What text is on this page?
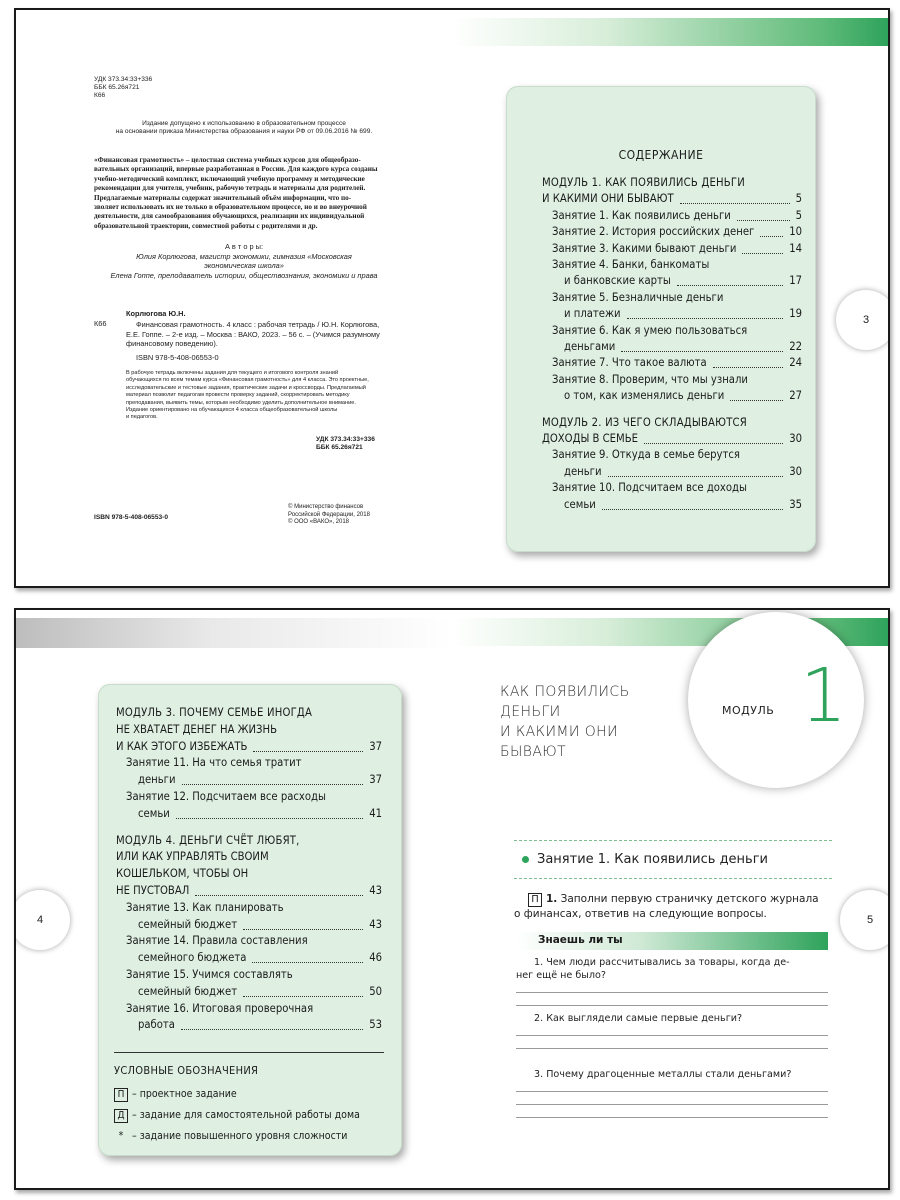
УДК 373.34:33+336
ББК 65.26я721
К66
Издание допущено к использованию в образовательном процессе
на основании приказа Министерства образования и науки РФ от 09.06.2016 № 699.
«Финансовая грамотность» – целостная система учебных курсов для общеобразо-
вательных организаций, впервые разработанная в России. Для каждого курса созданы
учебно-методический комплект, включающий учебную программу и методические
рекомендации для учителя, учебник, рабочую тетрадь и материалы для родителей.
Предлагаемые материалы содержат значительный объём информации, что по-
зволяет использовать их не только в образовательном процессе, но и во внеурочной
деятельности, для самообразования обучающихся, реализации их индивидуальной
образовательной траектории, совместной работы с родителями и др.
А в т о р ы:
Юлия Корлюгова, магистр экономики, гимназия «Московская
экономическая школа»
Елена Гоппе, преподаватель истории, обществознания, экономики и права
Корлюгова Ю.Н.
К66	Финансовая грамотность. 4 класс : рабочая тетрадь / Ю.Н. Корлюгова,
Е.Е. Гоппе. – 2-е изд. – Москва : ВАКО, 2023. – 56 с. – (Учимся разумному
финансовому поведению).
ISBN 978-5-408-06553-0
В рабочую тетрадь включены задания для текущего и итогового контроля знаний
обучающихся по всем темам курса «Финансовая грамотность» для 4 класса. Это проектные,
исследовательские и тестовые задания, практические задачи и кроссворды. Предлагаемый
материал позволит педагогам провести проверку заданий, скорректировать методику
преподавания, выявить темы, которым необходимо уделить дополнительное внимание.
Издание ориентировано на обучающихся 4 класса общеобразовательной школы
и педагогов.
УДК 373.34:33+336
ББК 65.26я721
ISBN 978-5-408-06553-0
© Министерство финансов
Российской Федерации, 2018
© ООО «ВАКО», 2018
СОДЕРЖАНИЕ
МОДУЛЬ 1. КАК ПОЯВИЛИСЬ ДЕНЬГИ
И КАКИМИ ОНИ БЫВАЮТ	5
Занятие 1. Как появились деньги	5
Занятие 2. История российских денег	10
Занятие 3. Какими бывают деньги	14
Занятие 4. Банки, банкоматы
и банковские карты	17
Занятие 5. Безналичные деньги
и платежи	19
Занятие 6. Как я умею пользоваться
деньгами	22
Занятие 7. Что такое валюта	24
Занятие 8. Проверим, что мы узнали
о том, как изменялись деньги	27
МОДУЛЬ 2. ИЗ ЧЕГО СКЛАДЫВАЮТСЯ
ДОХОДЫ В СЕМЬЕ	30
Занятие 9. Откуда в семье берутся
деньги	30
Занятие 10. Подсчитаем все доходы
семьи	35
3
МОДУЛЬ 3. ПОЧЕМУ СЕМЬЕ ИНОГДА
НЕ ХВАТАЕТ ДЕНЕГ НА ЖИЗНЬ
И КАК ЭТОГО ИЗБЕЖАТЬ	37
Занятие 11. На что семья тратит
деньги	37
Занятие 12. Подсчитаем все расходы
семьи	41
МОДУЛЬ 4. ДЕНЬГИ СЧЁТ ЛЮБЯТ,
ИЛИ КАК УПРАВЛЯТЬ СВОИМ
КОШЕЛЬКОМ, ЧТОБЫ ОН
НЕ ПУСТОВАЛ	43
Занятие 13. Как планировать
семейный бюджет	43
Занятие 14. Правила составления
семейного бюджета	46
Занятие 15. Учимся составлять
семейный бюджет	50
Занятие 16. Итоговая проверочная
работа	53
УСЛОВНЫЕ ОБОЗНАЧЕНИЯ
П – проектное задание
Д – задание для самостоятельной работы дома
* – задание повышенного уровня сложности
4
КАК ПОЯВИЛИСЬ
ДЕНЬГИ
И КАКИМИ ОНИ
БЫВАЮТ
МОДУЛЬ 1
Занятие 1. Как появились деньги
П 1. Заполни первую страничку детского журнала
о финансах, ответив на следующие вопросы.
Знаешь ли ты
1. Чем люди рассчитывались за товары, когда де-
нег ещё не было?
2. Как выглядели самые первые деньги?
3. Почему драгоценные металлы стали деньгами?
5
